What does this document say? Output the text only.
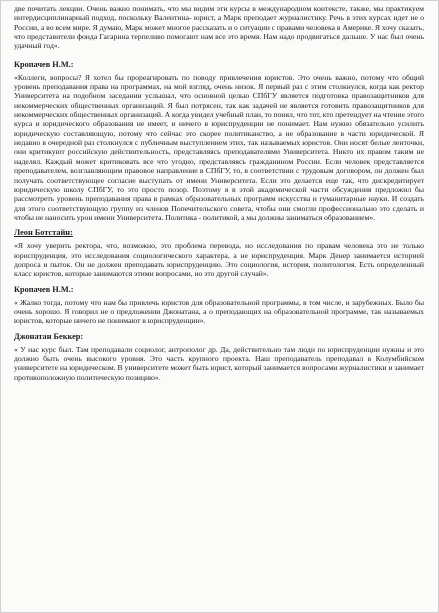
две почитать лекции. Очень важно понимать, что мы видим эти курсы в международном контексте, также, мы практикуем интердисциплинарный подход, поскольку Валентина- юрист, а Марк преподает журналистику. Речь в этих курсах идет не о России, а во всем мире. Я думаю, Марк может многое рассказать и о ситуации с правами человека в Америке. Я хочу сказать, что представители фонда Гагарина терпеливо помогают нам все это время. Нам надо продвигаться дальше. У нас был очень удачный год».

Кропачев Н.М.:

«Коллеги, вопросы? Я хотел бы прореагировать по поводу привлечения юристов. Это очень важно, потому что общий уровень преподавания права на программах, на мой взгляд, очень низок. Я первый раз с этим столкнулся, когда как ректор Университета на подобном заседании услышал, что основной целью СПбГУ является подготовка правозащитников для некоммерческих общественных организаций. Я был потрясен, так как задачей не является готовить правозащитников для некоммерческих общественных организаций. А когда увидел учебный план, то понял, что тот, кто претендует на чтение этого курса и юридического образования не имеет, и ничего в юриспруденции не понимает. Нам нужно обязательно усилить юридическую составляющую, потому что сейчас это скорее политиканство, а не образование в части юридической. Я недавно в очередной раз столкнулся с публичным выступлением этих, так называемых юристов. Они носят белые ленточки, они критикуют российскую действительность, представляясь преподавателями Университета. Никто их правом таким не наделял. Каждый может критиковать все что угодно, представляясь гражданином России. Если человек представляется преподавателем, возглавляющим правовое направление в СПбГУ, то, в соответствии с трудовым договором, он должен был получать соответствующее согласие выступать от имени Университета. Если это делается еще так, что дискредитирует юридическую школу СПбГУ, то это просто позор. Поэтому я в этой академической части обсуждения предложил бы рассмотреть уровень преподавания права в рамках образовательных программ искусства и гуманитарные науки. И создать для этого соответствующую группу из членов Попечительского совета, чтобы они смогли профессионально это сделать и чтобы не наносить урон имени Университета. Политика - политикой, а мы должны заниматься образованием».

Леон Ботстайн:

«Я хочу уверить ректора, что, возможно, это проблема перевода, но исследования по правам человека это не только юриспруденция, это исследования социологического характера, а не юриспруденция. Марк Денер занимается историей допроса и пыток. Он не должен преподавать юриспруденцию. Это социология, история, политология. Есть определенный класс юристов, которые занимаются этими вопросами, но это другой случай».

Кропачев Н.М.:

« Жалко тогда, потому что нам бы привлечь юристов для образовательной программы, в том числе, и зарубежных. Было бы очень хорошо. Я говорил не о предложении Джонатана, а о преподающих на образовательной программе, так называемых юристов, которые ничего не понимают в юриспруденции».

Джонатан Беккер:

« У нас курс был. Там преподавали социолог, антрополог др. Да, действительно там люди по юриспруденции нужны и это должно быть очень высокого уровня. Это часть крупного проекта. Наш преподаватель преподавал в Колумбийском университете на юридическом. В университете может быть юрист, который занимается вопросами журналистики и занимает противоположную политическую позицию».
